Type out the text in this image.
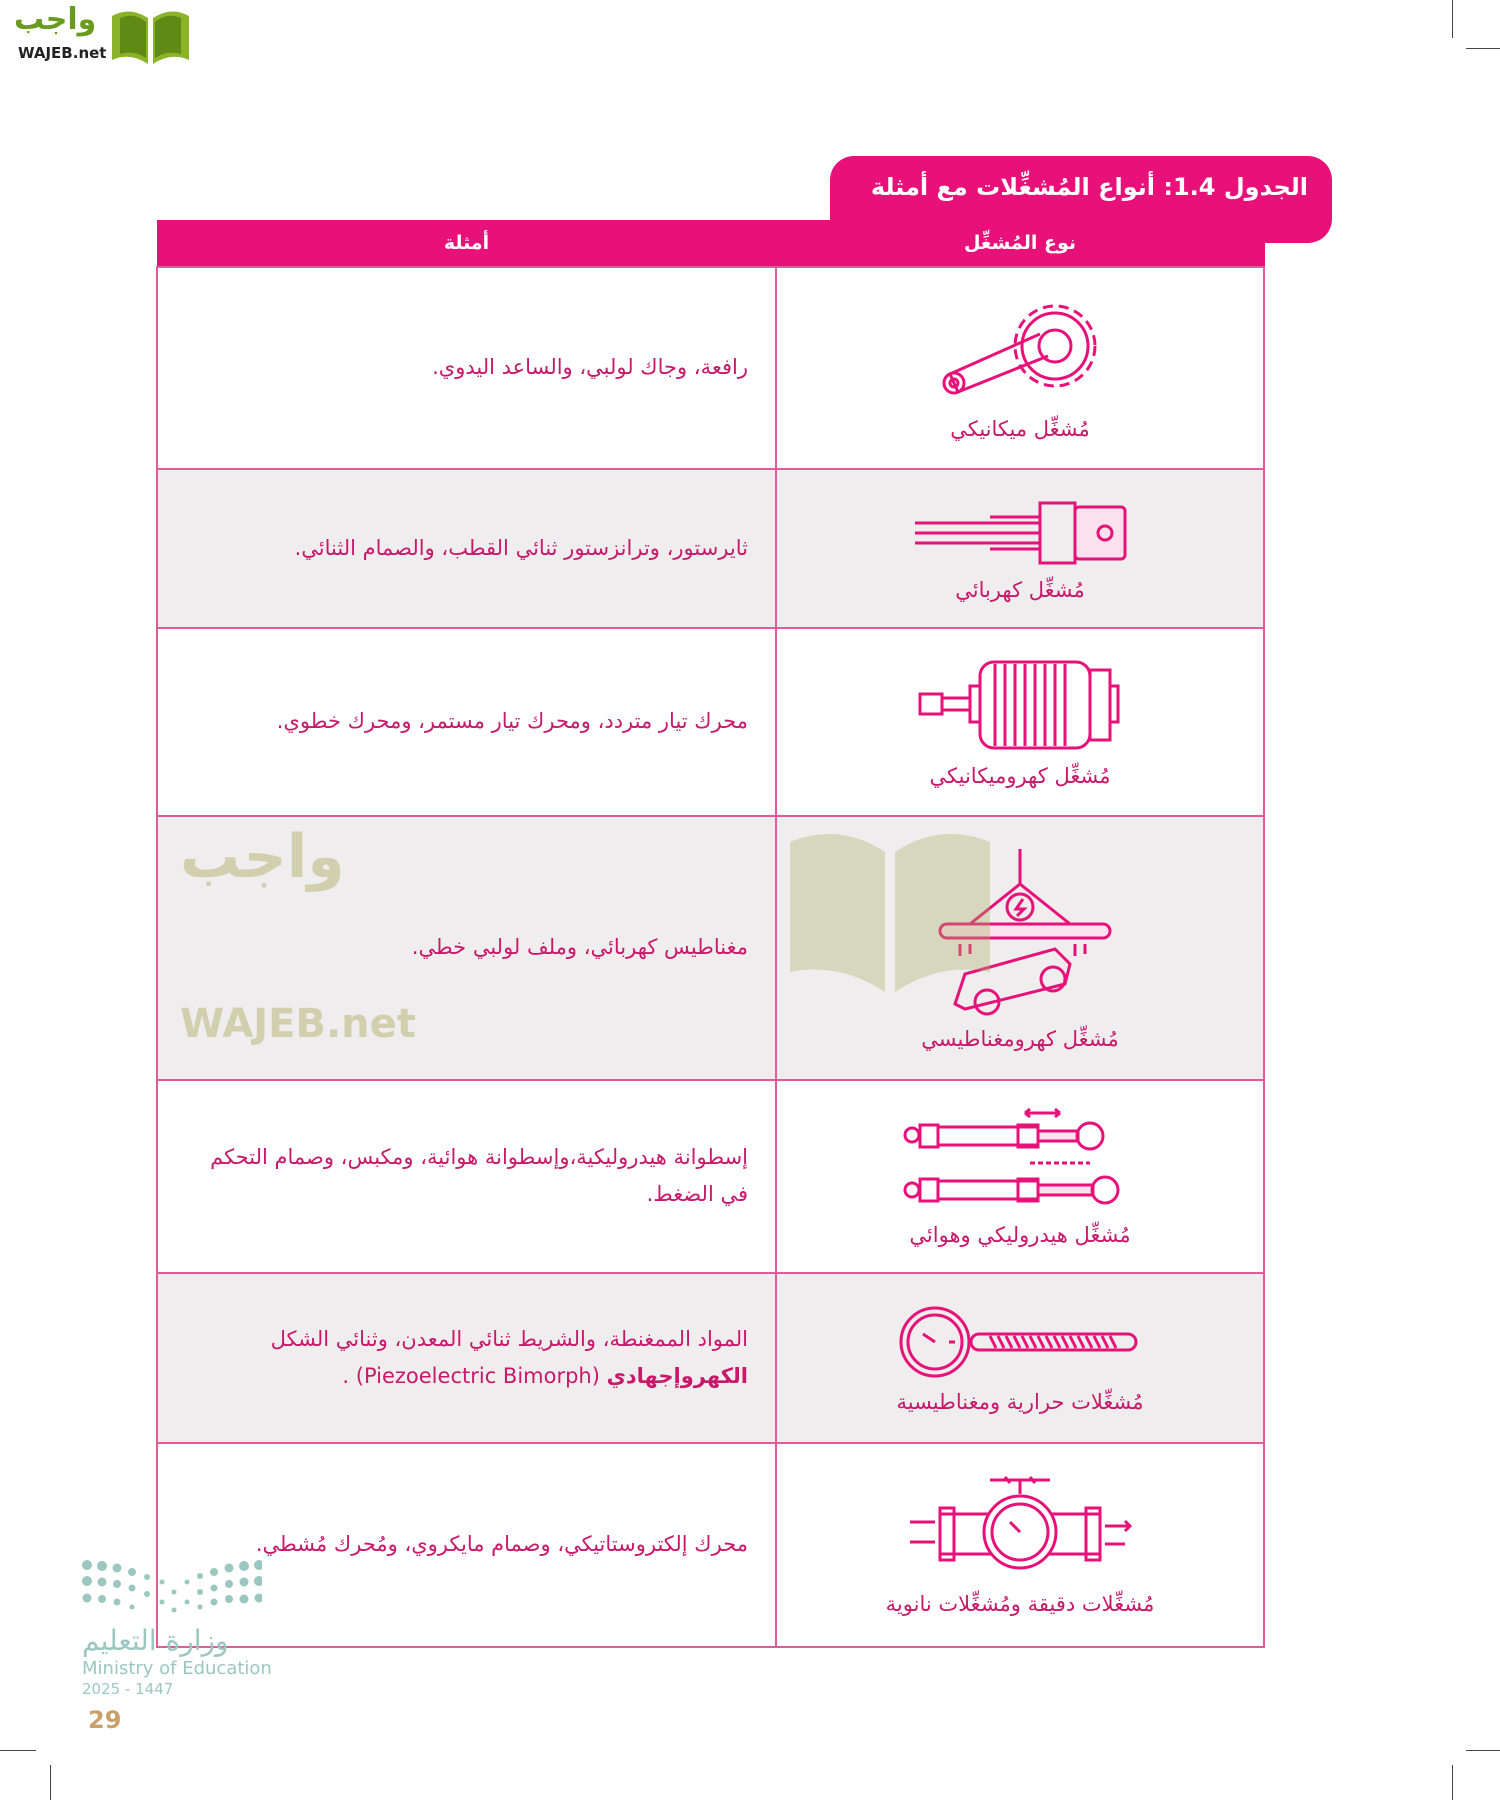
واجب
WAJEB.net
الجدول 1.4: أنواع المُشغِّلات مع أمثلة
نوع المُشغِّل	أمثلة

مُشغِّل ميكانيكي	رافعة، وجاك لولبي، والساعد اليدوي.

مُشغِّل كهربائي	ثايرستور، وترانزستور ثنائي القطب، والصمام الثنائي.

مُشغِّل كهروميكانيكي	محرك تيار متردد، ومحرك تيار مستمر، ومحرك خطوي.

مُشغِّل كهرومغناطيسي	مغناطيس كهربائي، وملف لولبي خطي.

مُشغِّل هيدروليكي وهوائي	إسطوانة هيدروليكية،وإسطوانة هوائية، ومكبس، وصمام التحكم في الضغط.

مُشغِّلات حرارية ومغناطيسية	المواد الممغنطة، والشريط ثنائي المعدن، وثنائي الشكل
الكهروإجهادي (Piezoelectric Bimorph) .

مُشغِّلات دقيقة ومُشغِّلات نانوية	محرك إلكتروستاتيكي، وصمام مايكروي، ومُحرك مُشطي.
واجب
WAJEB.net
وزارة التعليم
Ministry of Education
2025 - 1447
29
